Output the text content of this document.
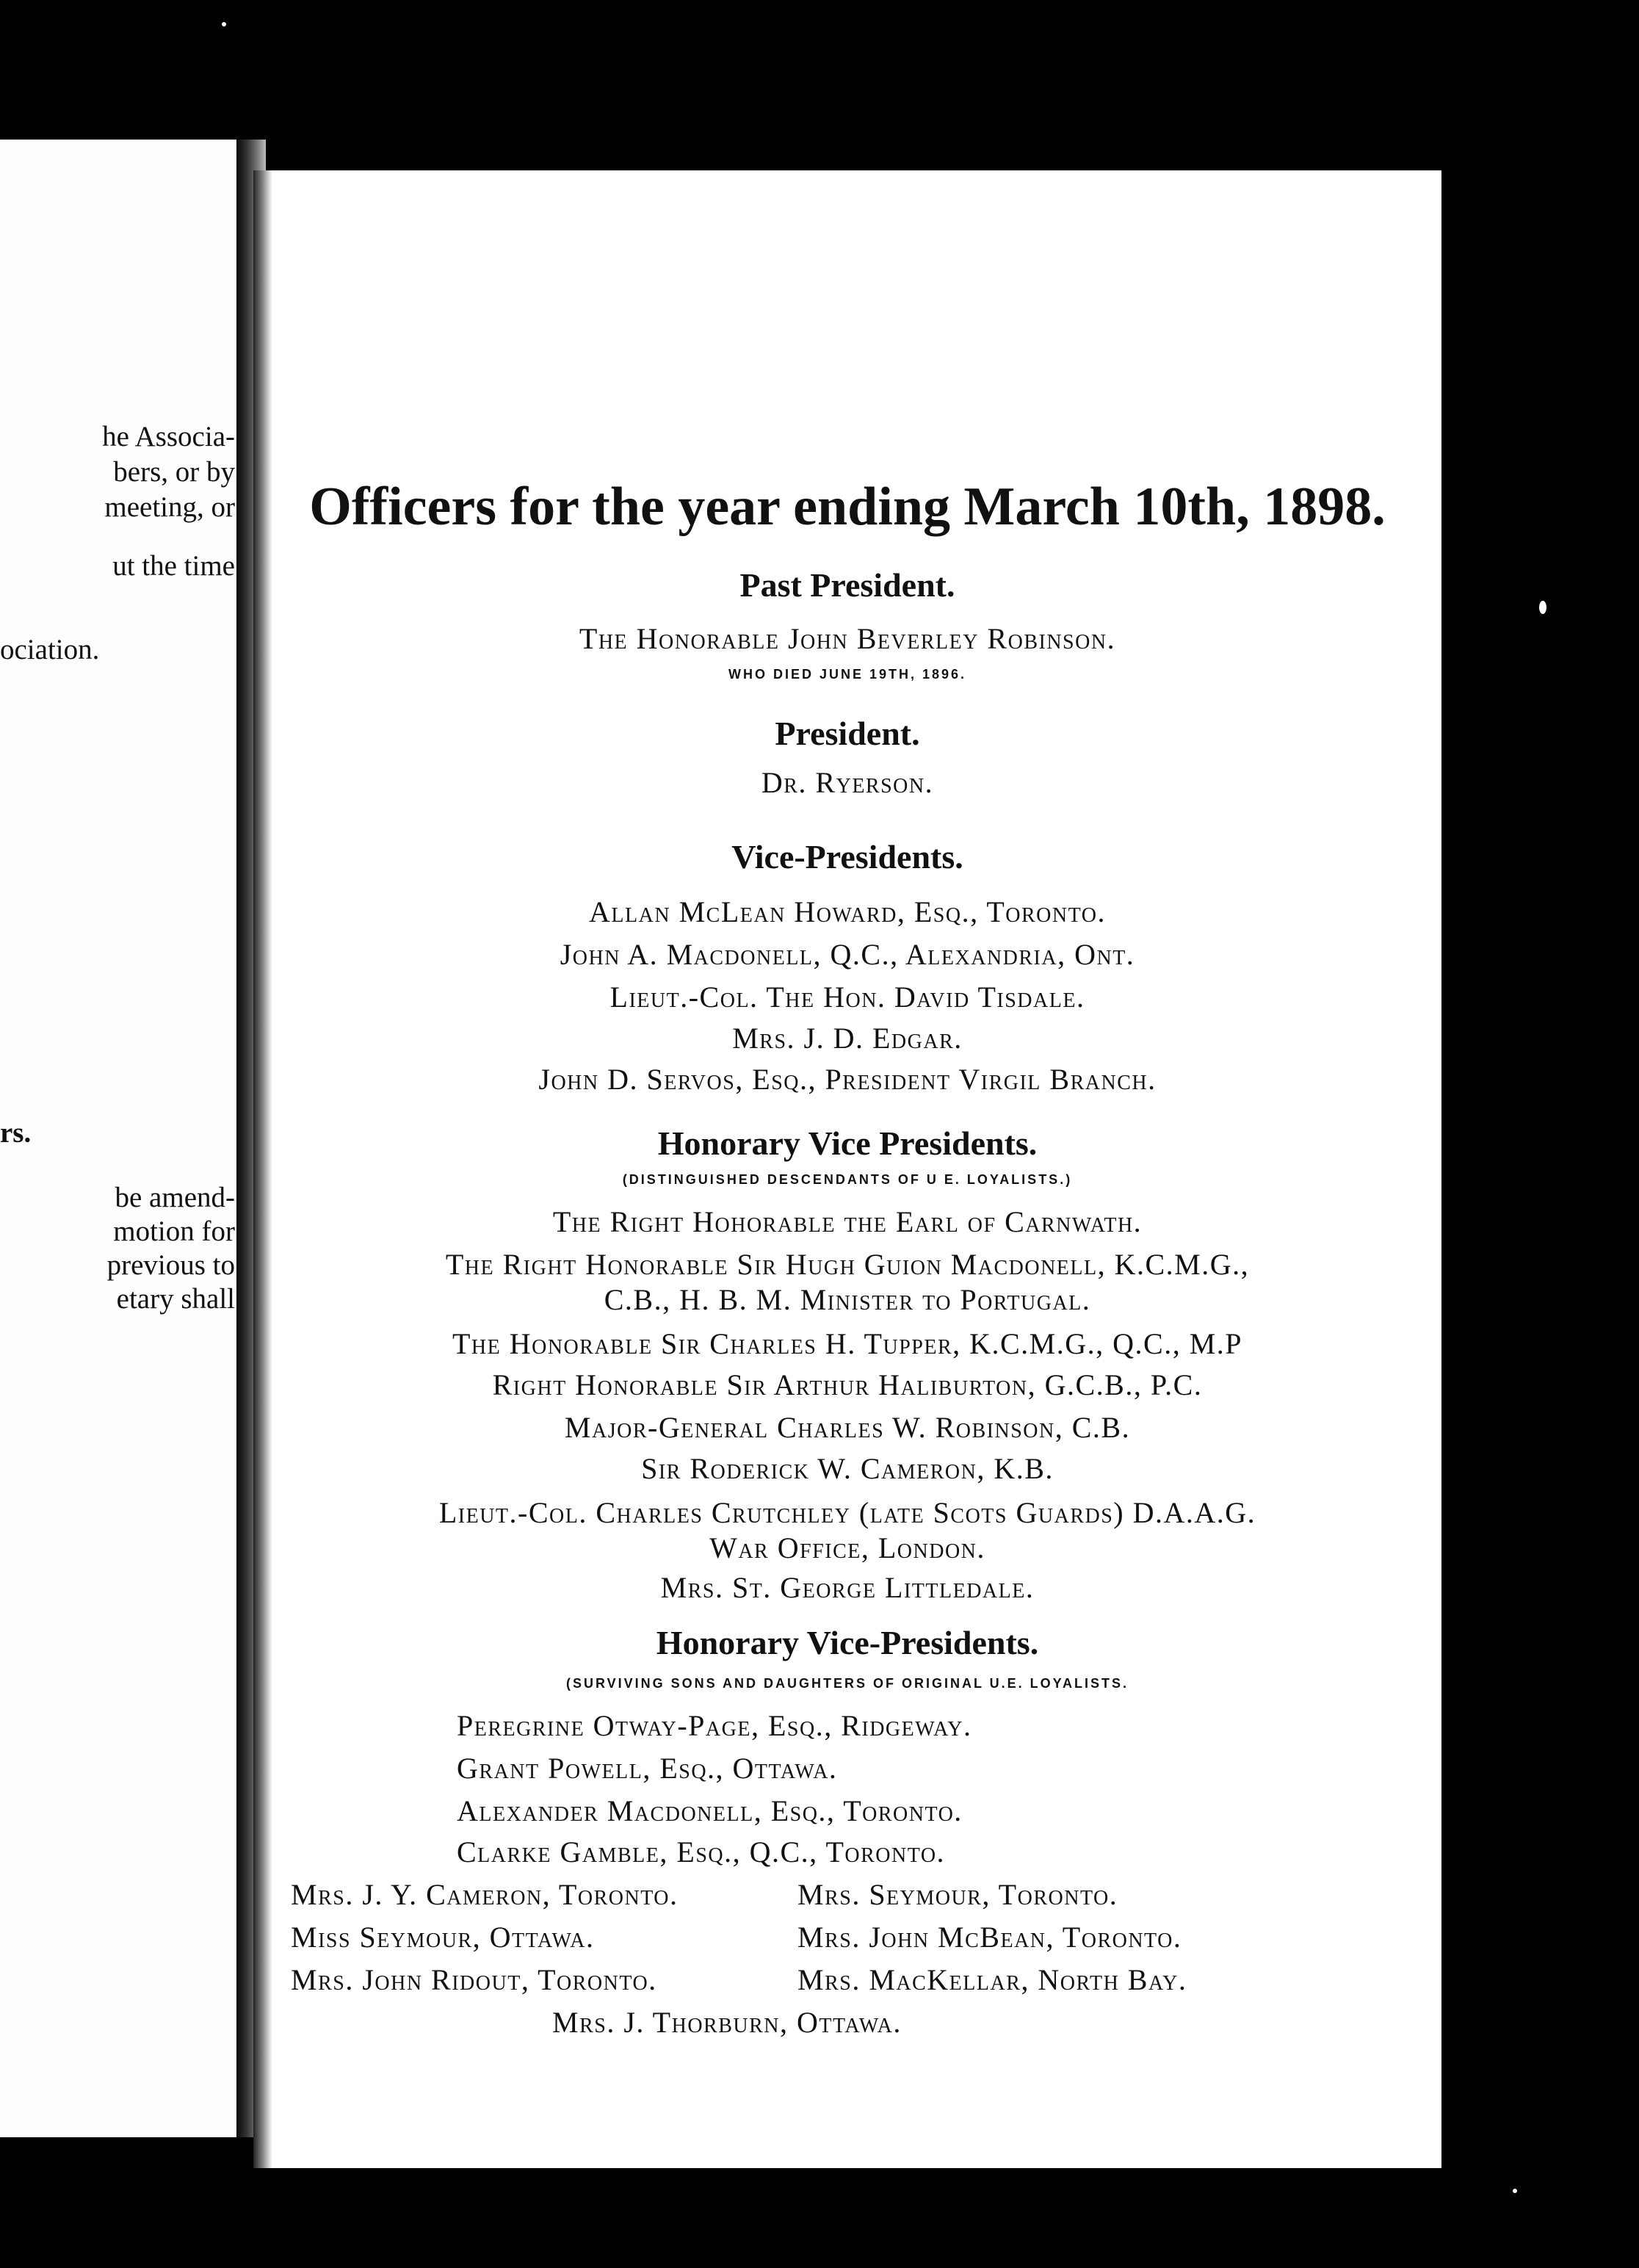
he Associa-
bers, or by
meeting, or
ut the time
ociation.
rs.
be amend-
motion for
previous to
etary shall
Officers for the year ending March 10th, 1898.
Past President.
The Honorable John Beverley Robinson.
WHO DIED JUNE 19TH, 1896.
President.
Dr. Ryerson.
Vice-Presidents.
Allan McLean Howard, Esq., Toronto.
John A. Macdonell, Q.C., Alexandria, Ont.
Lieut.-Col. The Hon. David Tisdale.
Mrs. J. D. Edgar.
John D. Servos, Esq., President Virgil Branch.
Honorary Vice Presidents.
(DISTINGUISHED DESCENDANTS OF U E. LOYALISTS.)
The Right Hohorable the Earl of Carnwath.
The Right Honorable Sir Hugh Guion Macdonell, K.C.M.G.,
C.B., H. B. M. Minister to Portugal.
The Honorable Sir Charles H. Tupper, K.C.M.G., Q.C., M.P
Right Honorable Sir Arthur Haliburton, G.C.B., P.C.
Major-General Charles W. Robinson, C.B.
Sir Roderick W. Cameron, K.B.
Lieut.-Col. Charles Crutchley (late Scots Guards) D.A.A.G.
War Office, London.
Mrs. St. George Littledale.
Honorary Vice-Presidents.
(SURVIVING SONS AND DAUGHTERS OF ORIGINAL U.E. LOYALISTS.
Peregrine Otway-Page, Esq., Ridgeway.
Grant Powell, Esq., Ottawa.
Alexander Macdonell, Esq., Toronto.
Clarke Gamble, Esq., Q.C., Toronto.
Mrs. J. Y. Cameron, Toronto.	Mrs. Seymour, Toronto.
Miss Seymour, Ottawa.	Mrs. John McBean, Toronto.
Mrs. John Ridout, Toronto.	Mrs. MacKellar, North Bay.
Mrs. J. Thorburn, Ottawa.
